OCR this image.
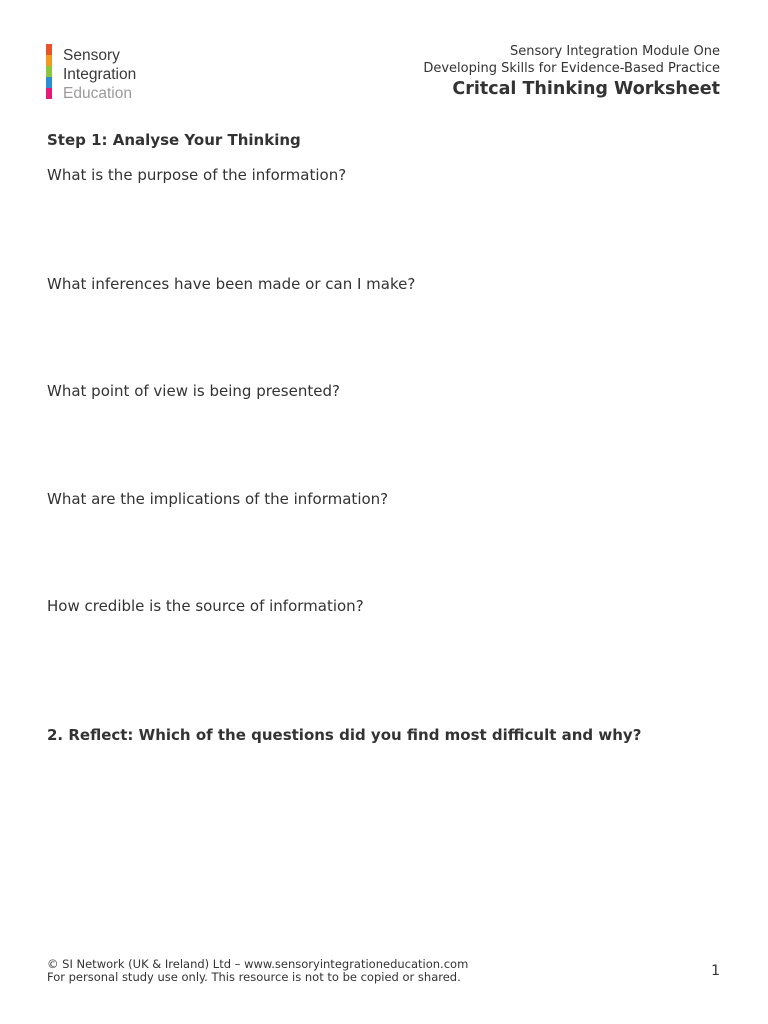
Sensory
Integration
Education
Sensory Integration Module One
Developing Skills for Evidence-Based Practice
Critcal Thinking Worksheet
Step 1: Analyse Your Thinking
What is the purpose of the information?
What inferences have been made or can I make?
What point of view is being presented?
What are the implications of the information?
How credible is the source of information?
2. Reflect: Which of the questions did you find most difficult and why?
© SI Network (UK & Ireland) Ltd – www.sensoryintegrationeducation.com
For personal study use only. This resource is not to be copied or shared.	1
